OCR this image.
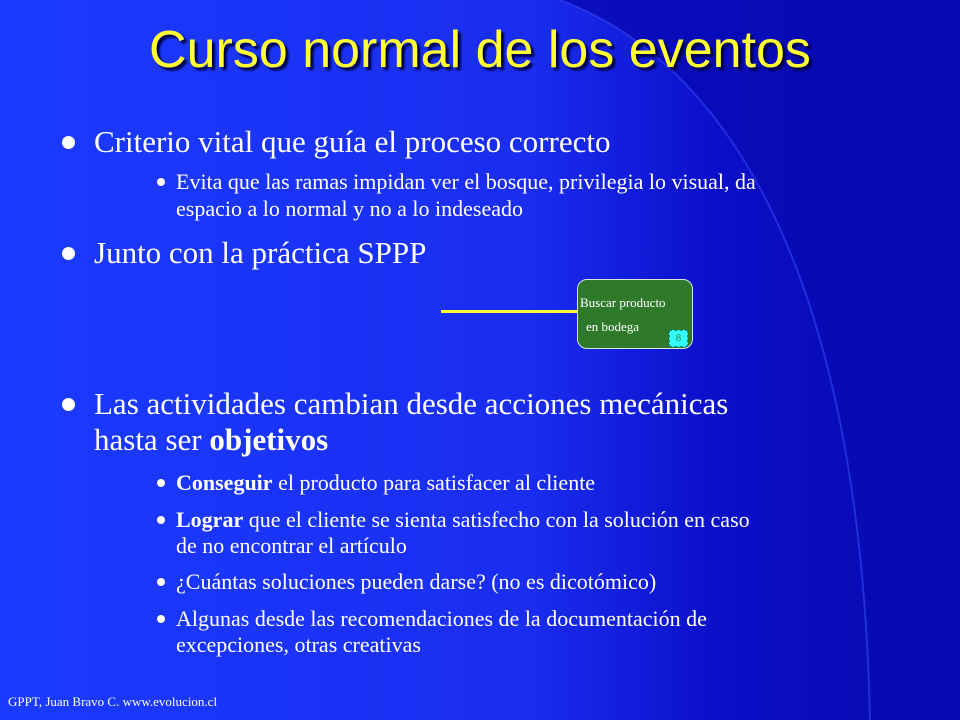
Curso normal de los eventos
Criterio vital que guía el proceso correcto
Evita que las ramas impidan ver el bosque, privilegia lo visual, da
espacio a lo normal y no a lo indeseado
Junto con la práctica SPPP
Buscar producto
en bodega
8
Las actividades cambian desde acciones mecánicas
hasta ser objetivos
Conseguir el producto para satisfacer al cliente
Lograr que el cliente se sienta satisfecho con la solución en caso
de no encontrar el artículo
¿Cuántas soluciones pueden darse? (no es dicotómico)
Algunas desde las recomendaciones de la documentación de
excepciones, otras creativas
GPPT, Juan Bravo C. www.evolucion.cl
